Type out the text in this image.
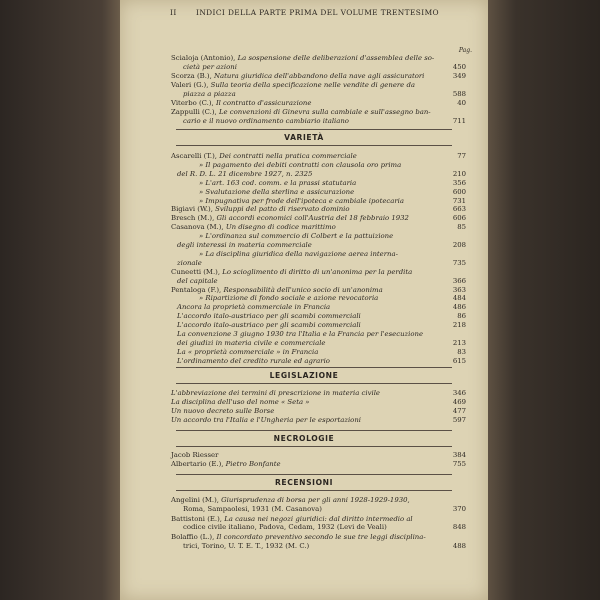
II	INDICI DELLA PARTE PRIMA DEL VOLUME TRENTESIMO
Pag.
Scialoja (Antonio), La sospensione delle deliberazioni d'assemblea delle so-
cietà per azioni	450
Scorza (B.), Natura giuridica dell'abbandono della nave agli assicuratori	349
Valeri (G.), Sulla teoria della specificazione nelle vendite di genere da
piazza a piazza	588
Viterbo (C.), Il contratto d'assicurazione	40
Zappulli (C.), Le convenzioni di Ginevra sulla cambiale e sull'assegno ban-
cario e il nuovo ordinamento cambiario italiano	711
VARIETÀ
LEGISLAZIONE
NECROLOGIE
RECENSIONI
Ascarelli (T.), Dei contratti nella pratica commerciale	77
» Il pagamento dei debiti contratti con clausola oro prima
del R. D. L. 21 dicembre 1927, n. 2325	210
» L'art. 163 cod. comm. e la prassi statutaria	356
» Svalutazione della sterlina e assicurazione	600
» Impugnativa per frode dell'ipoteca e cambiale ipotecaria	731
Bigiavi (W.), Sviluppi del patto di riservato dominio	663
Bresch (M.), Gli accordi economici coll'Austria del 18 febbraio 1932	606
Casanova (M.), Un disegno di codice marittimo	85
» L'ordinanza sul commercio di Colbert e la pattuizione
degli interessi in materia commerciale	208
» La disciplina giuridica della navigazione aerea interna-
zionale	735
Cuneetti (M.), Lo scioglimento di diritto di un'anonima per la perdita
del capitale	366
Pentaloga (F.), Responsabilità dell'unico socio di un'anonima	363
» Ripartizione di fondo sociale e azione revocatoria	484
Ancora la proprietà commerciale in Francia	486
L'accordo italo-austriaco per gli scambi commerciali	86
L'accordo italo-austriaco per gli scambi commerciali	218
La convenzione 3 giugno 1930 tra l'Italia e la Francia per l'esecuzione
dei giudizi in materia civile e commerciale	213
La « proprietà commerciale » in Francia	83
L'ordinamento del credito rurale ed agrario	615
L'abbreviazione dei termini di prescrizione in materia civile	346
La disciplina dell'uso del nome « Seta »	469
Un nuovo decreto sulle Borse	477
Un accordo tra l'Italia e l'Ungheria per le esportazioni	597
Jacob Riesser	384
Albertario (E.), Pietro Bonfante	755
Angelini (M.), Giurisprudenza di borsa per gli anni 1928-1929-1930,
Roma, Sampaolesi, 1931 (M. Casanova)	370
Battistoni (E.), La causa nei negozi giuridici: dal diritto intermedio al
codice civile italiano, Padova, Cedam, 1932 (Levi de Veali)	848
Bolaffio (L.), Il concordato preventivo secondo le sue tre leggi disciplina-
trici, Torino, U. T. E. T., 1932 (M. C.)	488
